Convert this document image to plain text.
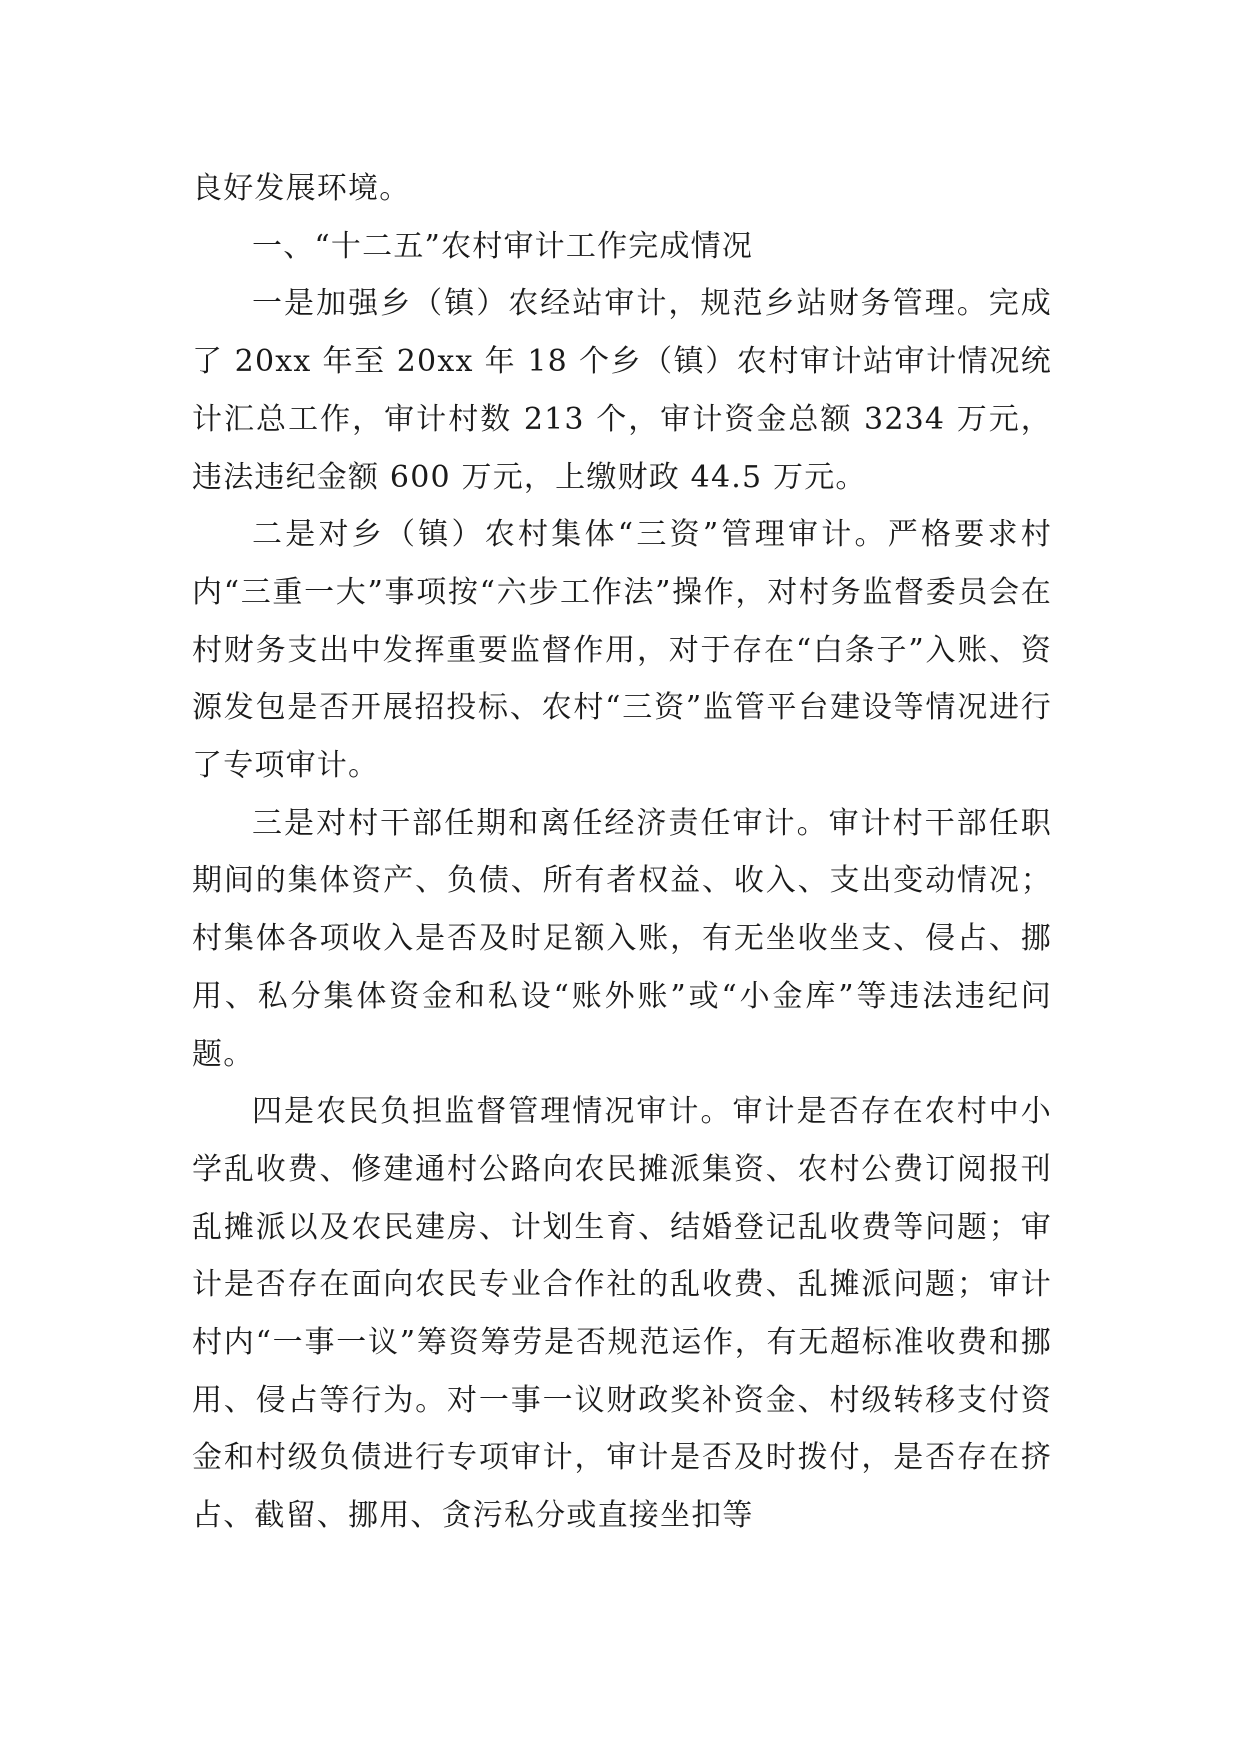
良好发展环境。

一、“十二五”农村审计工作完成情况

一是加强乡（镇）农经站审计，规范乡站财务管理。完成了 20xx 年至 20xx 年 18 个乡（镇）农村审计站审计情况统计汇总工作，审计村数 213 个，审计资金总额 3234 万元，违法违纪金额 600 万元，上缴财政 44.5 万元。

二是对乡（镇）农村集体“三资”管理审计。严格要求村内“三重一大”事项按“六步工作法”操作，对村务监督委员会在村财务支出中发挥重要监督作用，对于存在“白条子”入账、资源发包是否开展招投标、农村“三资”监管平台建设等情况进行了专项审计。

三是对村干部任期和离任经济责任审计。审计村干部任职期间的集体资产、负债、所有者权益、收入、支出变动情况；村集体各项收入是否及时足额入账，有无坐收坐支、侵占、挪用、私分集体资金和私设“账外账”或“小金库”等违法违纪问题。

四是农民负担监督管理情况审计。审计是否存在农村中小学乱收费、修建通村公路向农民摊派集资、农村公费订阅报刊乱摊派以及农民建房、计划生育、结婚登记乱收费等问题；审计是否存在面向农民专业合作社的乱收费、乱摊派问题；审计村内“一事一议”筹资筹劳是否规范运作，有无超标准收费和挪用、侵占等行为。对一事一议财政奖补资金、村级转移支付资金和村级负债进行专项审计，审计是否及时拨付，是否存在挤占、截留、挪用、贪污私分或直接坐扣等
